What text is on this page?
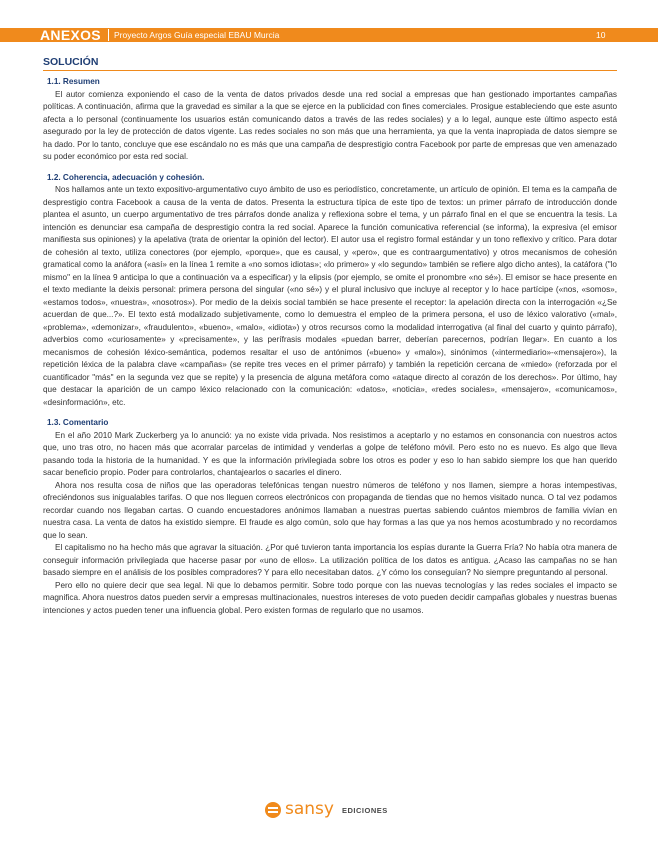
ANEXOS Proyecto Argos Guía especial EBAU Murcia	10
SOLUCIÓN
1.1. Resumen

El autor comienza exponiendo el caso de la venta de datos privados desde una red social a empresas que han gestionado importantes campañas políticas. A continuación, afirma que la gravedad es similar a la que se ejerce en la publicidad con fines comerciales. Prosigue estableciendo que este asunto afecta a lo personal (continuamente los usuarios están comunicando datos a través de las redes sociales) y a lo legal, aunque este último aspecto está asegurado por la ley de protección de datos vigente. Las redes sociales no son más que una herramienta, ya que la venta inapropiada de datos siempre se ha dado. Por lo tanto, concluye que ese escándalo no es más que una campaña de desprestigio contra Facebook por parte de empresas que ven amenazado su poder económico por esta red social.

1.2. Coherencia, adecuación y cohesión.

Nos hallamos ante un texto expositivo-argumentativo cuyo ámbito de uso es periodístico, concretamente, un artículo de opinión. El tema es la campaña de desprestigio contra Facebook a causa de la venta de datos. Presenta la estructura típica de este tipo de textos: un primer párrafo de introducción donde plantea el asunto, un cuerpo argumentativo de tres párrafos donde analiza y reflexiona sobre el tema, y un párrafo final en el que se encuentra la tesis. La intención es denunciar esa campaña de desprestigio contra la red social. Aparece la función comunicativa referencial (se informa), la expresiva (el emisor manifiesta sus opiniones) y la apelativa (trata de orientar la opinión del lector). El autor usa el registro formal estándar y un tono reflexivo y crítico. Para dotar de cohesión al texto, utiliza conectores (por ejemplo, «porque», que es causal, y «pero», que es contraargumentativo) y otros mecanismos de cohesión gramatical como la anáfora («así» en la línea 1 remite a «no somos idiotas»; «lo primero» y «lo segundo» también se refiere algo dicho antes), la catáfora ("lo mismo" en la línea 9 anticipa lo que a continuación va a especificar) y la elipsis (por ejemplo, se omite el pronombre «no sé»). El emisor se hace presente en el texto mediante la deixis personal: primera persona del singular («no sé») y el plural inclusivo que incluye al receptor y lo hace partícipe («nos, «somos», «estamos todos», «nuestra», «nosotros»). Por medio de la deixis social también se hace presente el receptor: la apelación directa con la interrogación «¿Se acuerdan de que...?». El texto está modalizado subjetivamente, como lo demuestra el empleo de la primera persona, el uso de léxico valorativo («mal», «problema», «demonizar», «fraudulento», «bueno», «malo», «idiota») y otros recursos como la modalidad interrogativa (al final del cuarto y quinto párrafo), adverbios como «curiosamente» y «precisamente», y las perífrasis modales «puedan barrer, deberían parecernos, podrían llegar». En cuanto a los mecanismos de cohesión léxico-semántica, podemos resaltar el uso de antónimos («bueno» y «malo»), sinónimos («intermediario»-«mensajero»), la repetición léxica de la palabra clave «campañas» (se repite tres veces en el primer párrafo) y también la repetición cercana de «miedo» (reforzada por el cuantificador "más" en la segunda vez que se repite) y la presencia de alguna metáfora como «ataque directo al corazón de los derechos». Por último, hay que destacar la aparición de un campo léxico relacionado con la comunicación: «datos», «noticia», «redes sociales», «mensajero», «comunicamos», «desinformación», etc.

1.3. Comentario

En el año 2010 Mark Zuckerberg ya lo anunció: ya no existe vida privada. Nos resistimos a aceptarlo y no estamos en consonancia con nuestros actos que, uno tras otro, no hacen más que acorralar parcelas de intimidad y venderlas a golpe de teléfono móvil. Pero esto no es nuevo. Es algo que lleva pasando toda la historia de la humanidad. Y es que la información privilegiada sobre los otros es poder y eso lo han sabido siempre los que han querido sacar beneficio propio. Poder para controlarlos, chantajearlos o sacarles el dinero.

Ahora nos resulta cosa de niños que las operadoras telefónicas tengan nuestro números de teléfono y nos llamen, siempre a horas intempestivas, ofreciéndonos sus inigualables tarifas. O que nos lleguen correos electrónicos con propaganda de tiendas que no hemos visitado nunca. O tal vez podamos recordar cuando nos llegaban cartas. O cuando encuestadores anónimos llamaban a nuestras puertas sabiendo cuántos miembros de familia vivían en nuestra casa. La venta de datos ha existido siempre. El fraude es algo común, solo que hay formas a las que ya nos hemos acostumbrado y no recordamos que lo sean.

El capitalismo no ha hecho más que agravar la situación. ¿Por qué tuvieron tanta importancia los espías durante la Guerra Fría? No había otra manera de conseguir información privilegiada que hacerse pasar por «uno de ellos». La utilización política de los datos es antigua. ¿Acaso las campañas no se han basado siempre en el análisis de los posibles compradores? Y para ello necesitaban datos. ¿Y cómo los conseguían? No siempre preguntando al personal.

Pero ello no quiere decir que sea legal. Ni que lo debamos permitir. Sobre todo porque con las nuevas tecnologías y las redes sociales el impacto se magnifica. Ahora nuestros datos pueden servir a empresas multinacionales, nuestros intereses de voto pueden decidir campañas globales y nuestras buenas intenciones y actos pueden tener una influencia global. Pero existen formas de regularlo que no usamos.

sansy EDICIONES
